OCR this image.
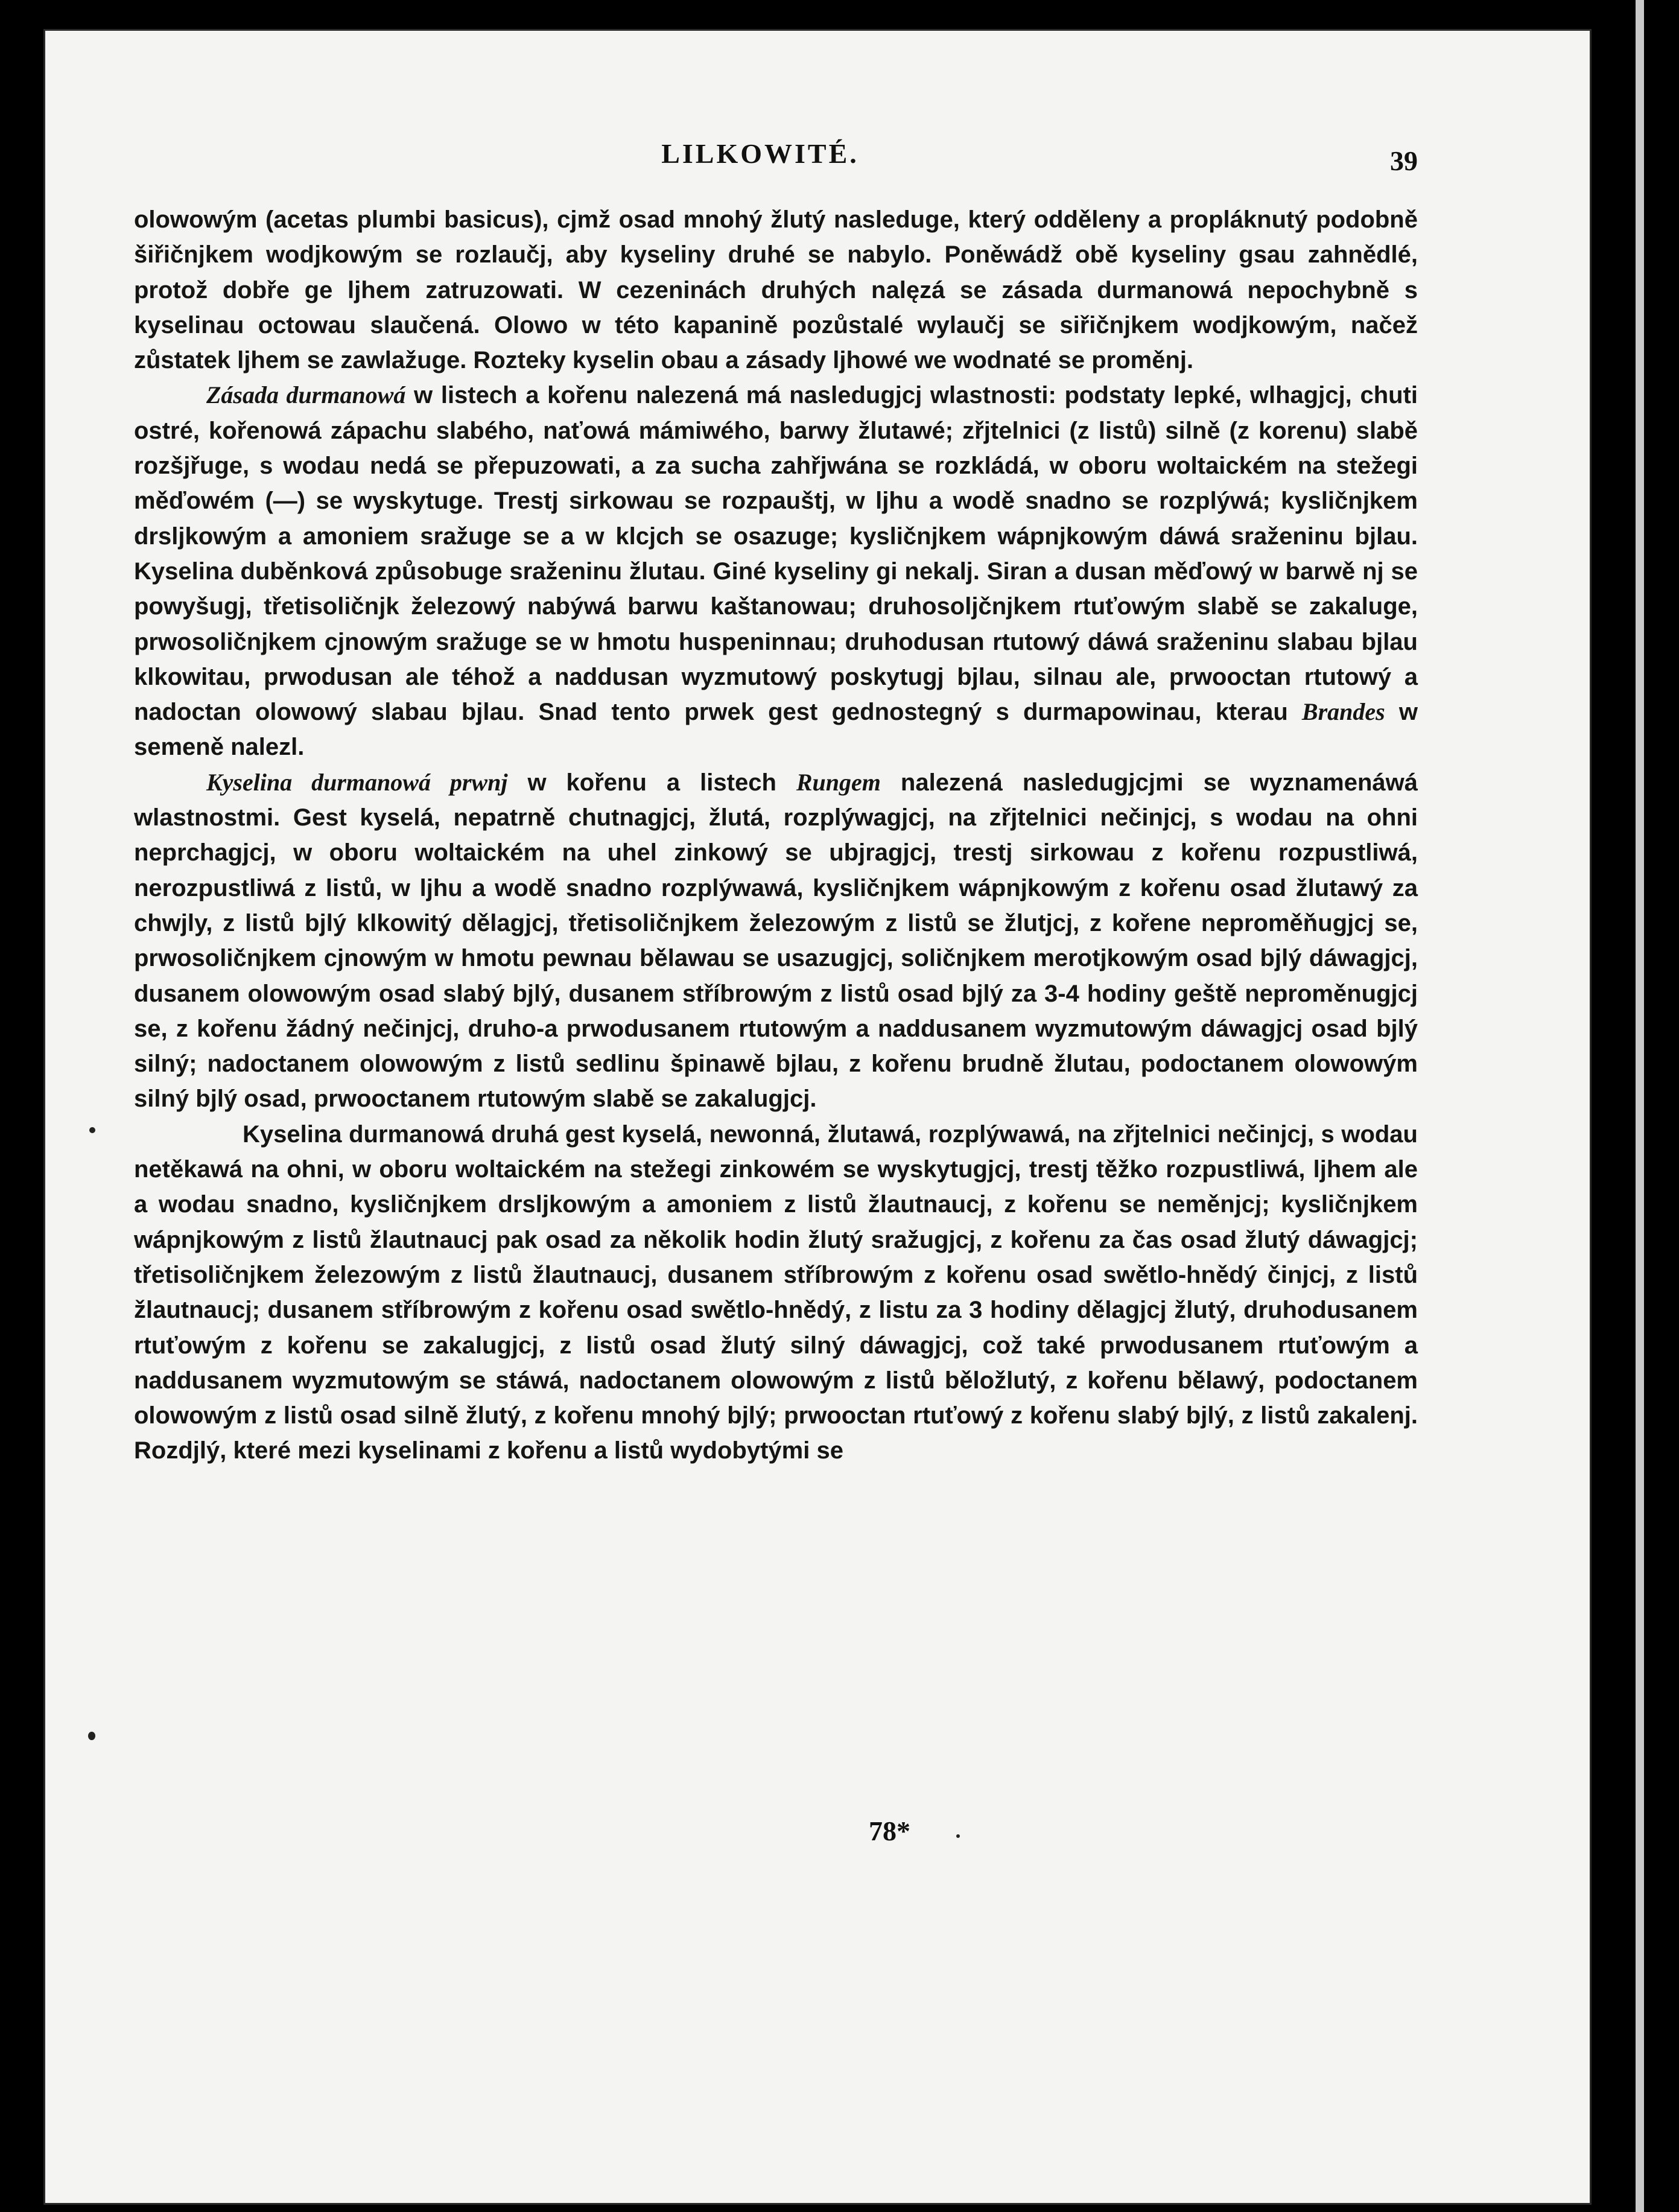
LILKOWITÉ.	39

olowowým (acetas plumbi basicus), cjmž osad mnohý žlutý nasleduge, který odděleny a propláknutý podobně šiřičnjkem wodjkowým se rozlaučj, aby kyseliny druhé se nabylo. Poněwádž obě kyseliny gsau zahnědlé, protož dobře ge ljhem zatruzowati. W cezeninách druhých nalęzá se zásada durmanowá nepochybně s kyselinau octowau slaučená. Olowo w této kapanině pozůstalé wylaučj se siřičnjkem wodjkowým, načež zůstatek ljhem se zawlažuge. Rozteky kyselin obau a zásady ljhowé we wodnaté se proměnj.

Zásada durmanowá w listech a kořenu nalezená má nasledugjcj wlastnosti: podstaty lepké, wlhagjcj, chuti ostré, kořenowá zápachu slabého, naťowá mámiwého, barwy žlutawé; zřjtelnici (z listů) silně (z korenu) slabě rozšjřuge, s wodau nedá se přepuzowati, a za sucha zahřjwána se rozkládá, w oboru woltaickém na stežegi měďowém (—) se wyskytuge. Trestj sirkowau se rozpauštj, w ljhu a wodě snadno se rozplýwá; kysličnjkem drsljkowým a amoniem sražuge se a w klcjch se osazuge; kysličnjkem wápnjkowým dáwá sraženinu bjlau. Kyselina duběnková způsobuge sraženinu žlutau. Giné kyseliny gi nekalj. Siran a dusan měďowý w barwě nj se powyšugj, třetisoličnjk železowý nabýwá barwu kaštanowau; druhosoljčnjkem rtuťowým slabě se zakaluge, prwosoličnjkem cjnowým sražuge se w hmotu huspeninnau; druhodusan rtutowý dáwá sraženinu slabau bjlau klkowitau, prwodusan ale téhož a naddusan wyzmutowý poskytugj bjlau, silnau ale, prwooctan rtutowý a nadoctan olowowý slabau bjlau. Snad tento prwek gest gednostegný s durmapowinau, kterau Brandes w semeně nalezl.

Kyselina durmanowá prwnj w kořenu a listech Rungem nalezená nasledugjcjmi se wyznamenáwá wlastnostmi. Gest kyselá, nepatrně chutnagjcj, žlutá, rozplýwagjcj, na zřjtelnici nečinjcj, s wodau na ohni neprchagjcj, w oboru woltaickém na uhel zinkowý se ubjragjcj, trestj sirkowau z kořenu rozpustliwá, nerozpustliwá z listů, w ljhu a wodě snadno rozplýwawá, kysličnjkem wápnjkowým z kořenu osad žlutawý za chwjly, z listů bjlý klkowitý dělagjcj, třetisoličnjkem železowým z listů se žlutjcj, z kořene neproměňugjcj se, prwosoličnjkem cjnowým w hmotu pewnau bělawau se usazugjcj, soličnjkem merotjkowým osad bjlý dáwagjcj, dusanem olowowým osad slabý bjlý, dusanem stříbrowým z listů osad bjlý za 3-4 hodiny geště neproměnugjcj se, z kořenu žádný nečinjcj, druho-a prwodusanem rtutowým a naddusanem wyzmutowým dáwagjcj osad bjlý silný; nadoctanem olowowým z listů sedlinu špinawě bjlau, z kořenu brudně žlutau, podoctanem olowowým silný bjlý osad, prwooctanem rtutowým slabě se zakalugjcj.

Kyselina durmanowá druhá gest kyselá, newonná, žlutawá, rozplýwawá, na zřjtelnici nečinjcj, s wodau netěkawá na ohni, w oboru woltaickém na stežegi zinkowém se wyskytugjcj, trestj těžko rozpustliwá, ljhem ale a wodau snadno, kysličnjkem drsljkowým a amoniem z listů žlautnaucj, z kořenu se neměnjcj; kysličnjkem wápnjkowým z listů žlautnaucj pak osad za několik hodin žlutý sražugjcj, z kořenu za čas osad žlutý dáwagjcj; třetisoličnjkem železowým z listů žlautnaucj, dusanem stříbrowým z kořenu osad swětlo-hnědý činjcj, z listů žlautnaucj; dusanem stříbrowým z kořenu osad swětlo-hnědý, z listu za 3 hodiny dělagjcj žlutý, druhodusanem rtuťowým z kořenu se zakalugjcj, z listů osad žlutý silný dáwagjcj, což také prwodusanem rtuťowým a naddusanem wyzmutowým se stáwá, nadoctanem olowowým z listů běložlutý, z kořenu bělawý, podoctanem olowowým z listů osad silně žlutý, z kořenu mnohý bjlý; prwooctan rtuťowý z kořenu slabý bjlý, z listů zakalenj. Rozdjlý, které mezi kyselinami z kořenu a listů wydobytými se

78*
